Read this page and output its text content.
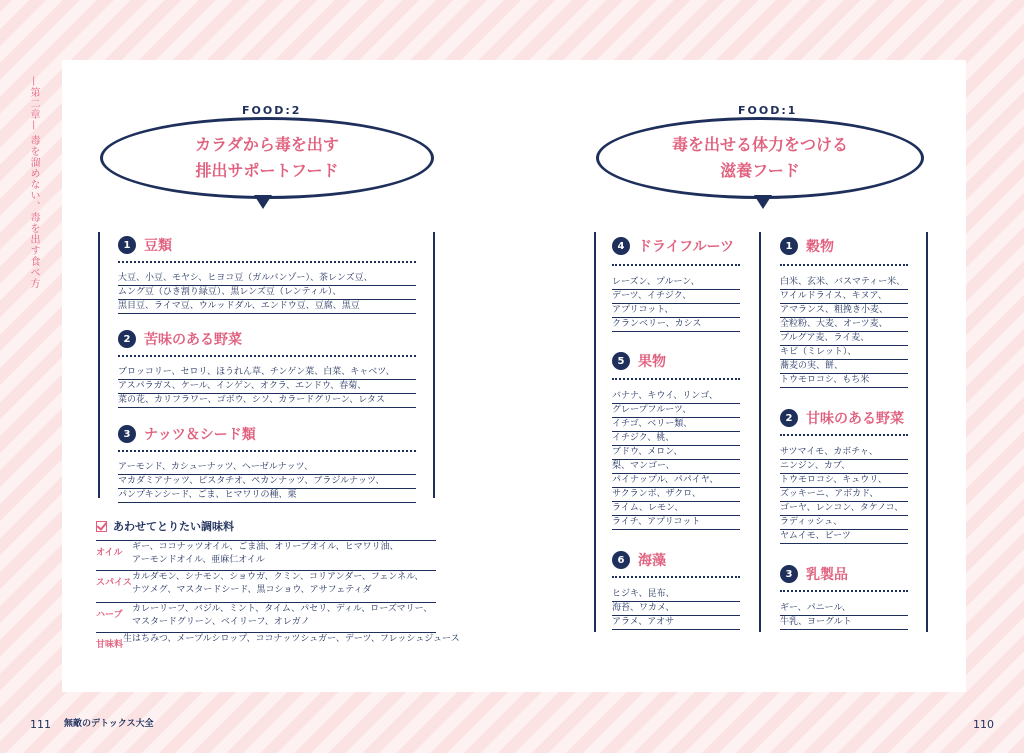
—第二章— 毒を溜めない、毒を出す食べ方	FOOD:2
カラダから毒を出す
排出サポートフード
1 豆類
大豆、小豆、モヤシ、ヒヨコ豆（ガルバンゾー）、茶レンズ豆、
ムング豆（ひき割り緑豆）、黒レンズ豆（レンティル）、
黒目豆、ライマ豆、ウルッドダル、エンドウ豆、豆腐、黒豆
2 苦味のある野菜
ブロッコリー、セロリ、ほうれん草、チンゲン菜、白菜、キャベツ、
アスパラガス、ケール、インゲン、オクラ、エンドウ、春菊、
菜の花、カリフラワー、ゴボウ、シソ、カラードグリーン、レタス
3 ナッツ＆シード類
アーモンド、カシューナッツ、ヘーゼルナッツ、
マカダミアナッツ、ピスタチオ、ペカンナッツ、ブラジルナッツ、
パンプキンシード、ごま、ヒマワリの種、栗
あわせてとりたい調味料
オイル
ギー、ココナッツオイル、ごま油、オリーブオイル、ヒマワリ油、
アーモンドオイル、亜麻仁オイル
スパイス
カルダモン、シナモン、ショウガ、クミン、コリアンダー、フェンネル、
ナツメグ、マスタードシード、黒コショウ、アサフェティダ
ハーブ
カレーリーフ、バジル、ミント、タイム、パセリ、ディル、ローズマリー、
マスタードグリーン、ベイリーフ、オレガノ
甘味料
生はちみつ、メープルシロップ、ココナッツシュガー、デーツ、フレッシュジュース
FOOD:1
毒を出せる体力をつける
滋養フード
4 ドライフルーツ
レーズン、プルーン、
デーツ、イチジク、
アプリコット、
クランベリー、カシス
5 果物
バナナ、キウイ、リンゴ、
グレープフルーツ、
イチゴ、ベリー類、
イチジク、桃、
ブドウ、メロン、
梨、マンゴー、
パイナップル、パパイヤ、
サクランボ、ザクロ、
ライム、レモン、
ライチ、アプリコット
6 海藻
ヒジキ、昆布、
海苔、ワカメ、
アラメ、アオサ
1 穀物
白米、玄米、バスマティー米、
ワイルドライス、キヌア、
アマランス、粗挽き小麦、
全粒粉、大麦、オーツ麦、
ブルグア麦、ライ麦、
キビ（ミレット）、
蕎麦の実、餅、
トウモロコシ、もち米
2 甘味のある野菜
サツマイモ、カボチャ、
ニンジン、カブ、
トウモロコシ、キュウリ、
ズッキーニ、アボカド、
ゴーヤ、レンコン、タケノコ、
ラディッシュ、
ヤムイモ、ビーツ
3 乳製品
ギー、パニール、
牛乳、ヨーグルト
111 無敵のデトックス大全	110
